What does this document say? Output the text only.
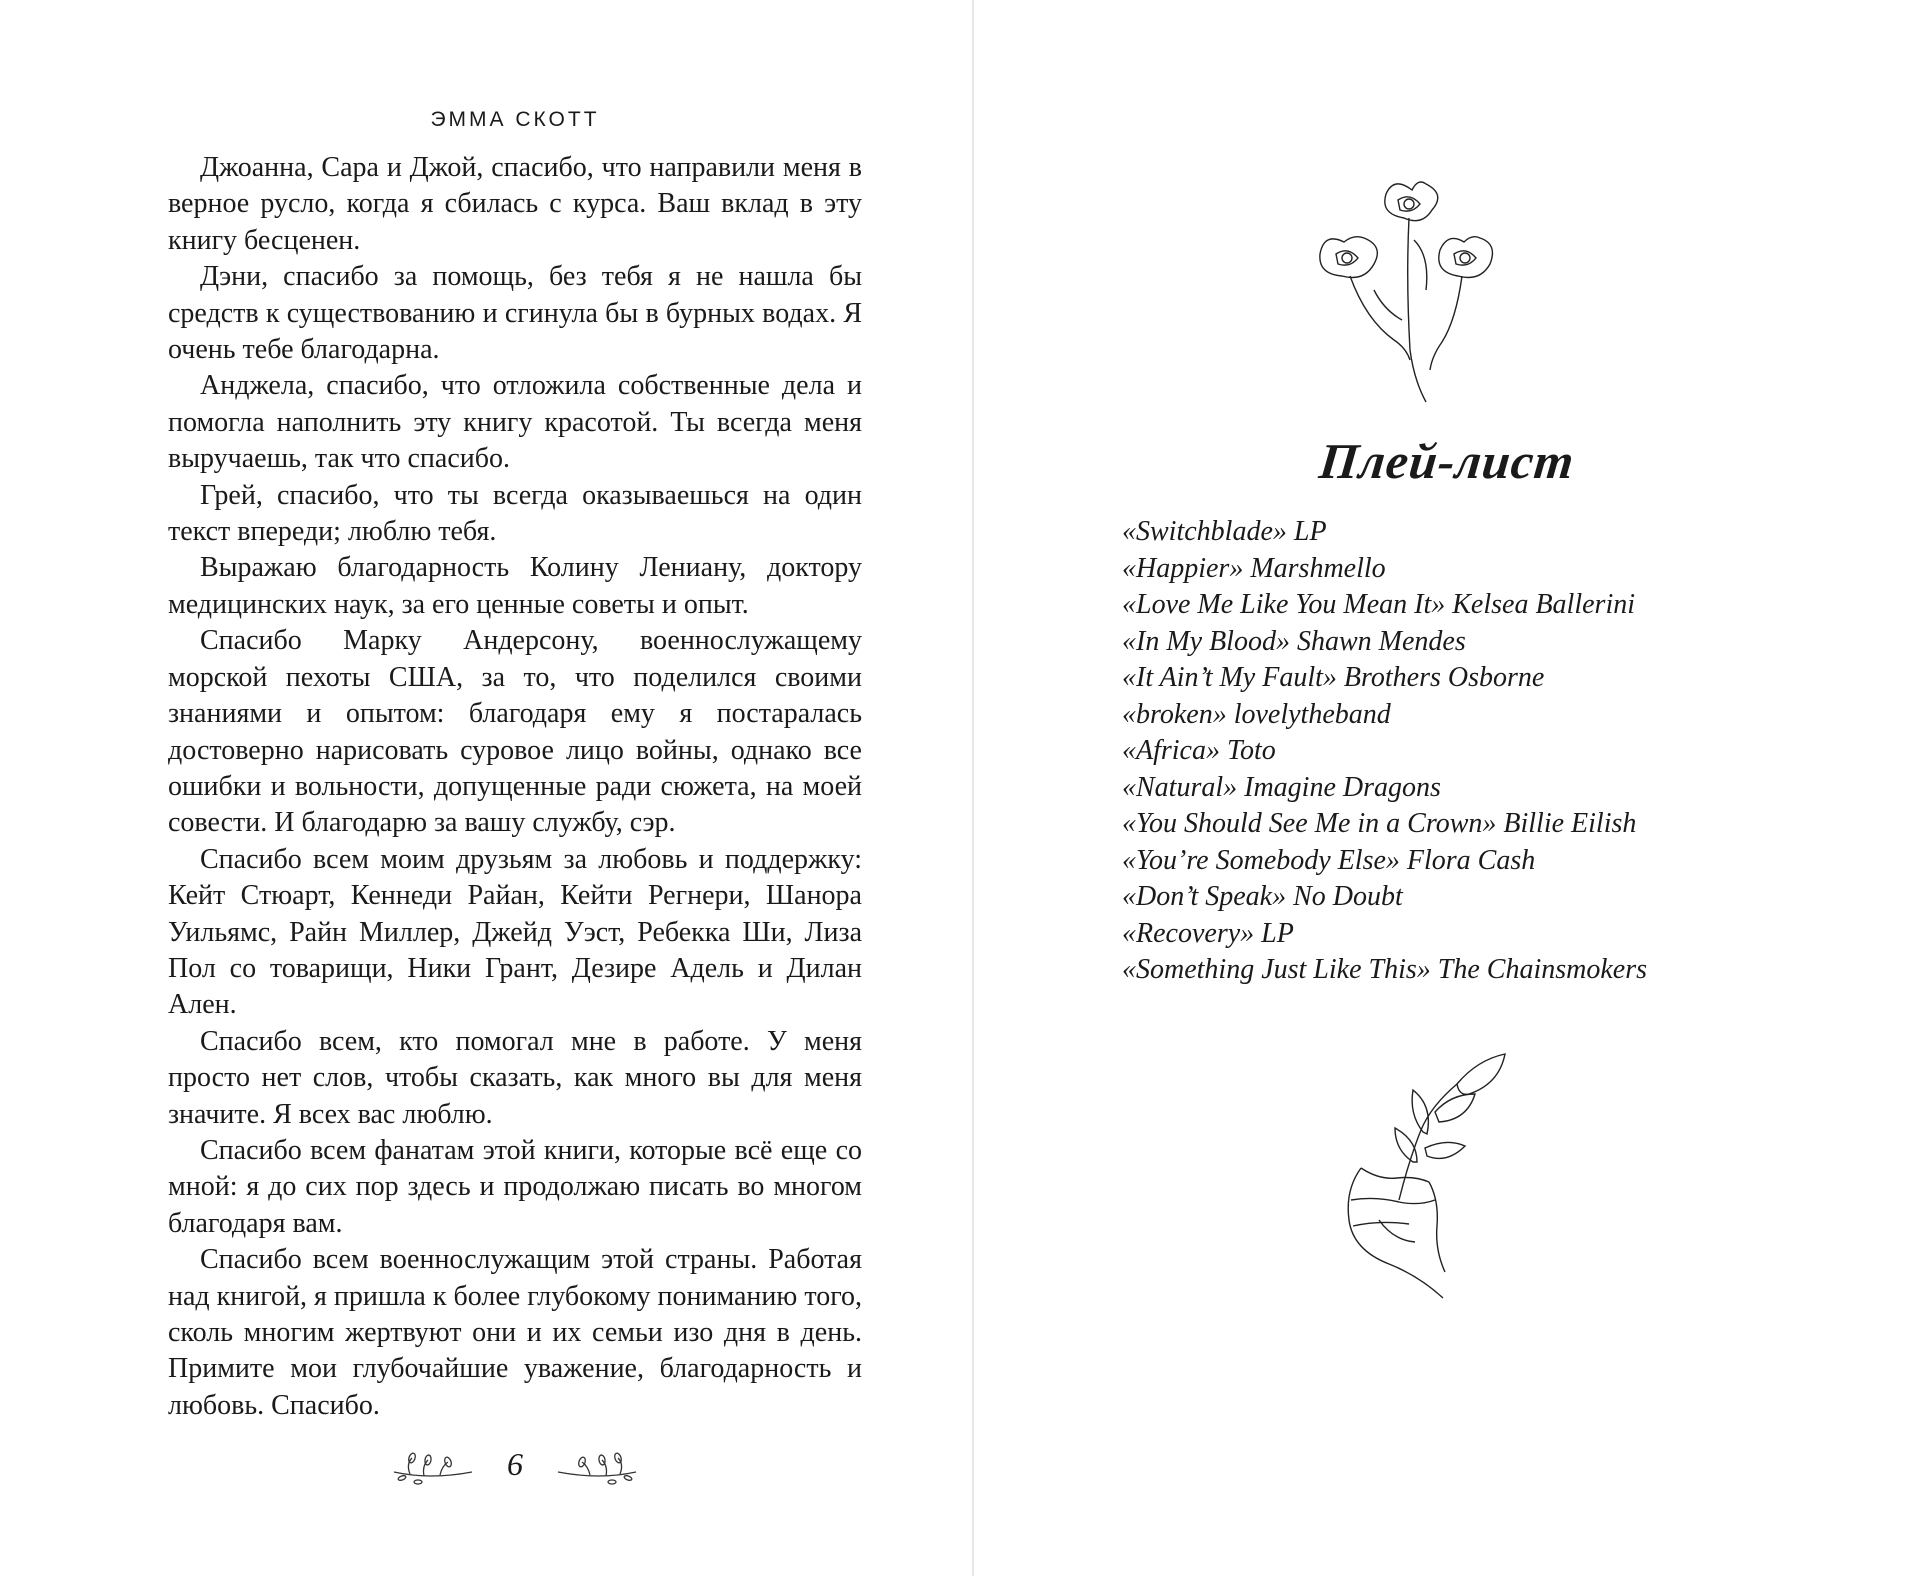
ЭММА СКОТТ

Джоанна, Сара и Джой, спасибо, что направили меня в верное русло, когда я сбилась с курса. Ваш вклад в эту книгу бесценен.

Дэни, спасибо за помощь, без тебя я не нашла бы средств к существованию и сгинула бы в бурных водах. Я очень тебе благодарна.

Анджела, спасибо, что отложила собственные дела и помогла наполнить эту книгу красотой. Ты всегда меня выручаешь, так что спасибо.

Грей, спасибо, что ты всегда оказываешься на один текст впереди; люблю тебя.

Выражаю благодарность Колину Лениану, доктору медицинских наук, за его ценные советы и опыт.

Спасибо Марку Андерсону, военнослужащему морской пехоты США, за то, что поделился своими знаниями и опытом: благодаря ему я постаралась достоверно нарисовать суровое лицо войны, однако все ошибки и вольности, допущенные ради сюжета, на моей совести. И благодарю за вашу службу, сэр.

Спасибо всем моим друзьям за любовь и поддержку: Кейт Стюарт, Кеннеди Райан, Кейти Регнери, Шанора Уильямс, Райн Миллер, Джейд Уэст, Ребекка Ши, Лиза Пол со товарищи, Ники Грант, Дезире Адель и Дилан Ален.

Спасибо всем, кто помогал мне в работе. У меня просто нет слов, чтобы сказать, как много вы для меня значите. Я всех вас люблю.

Спасибо всем фанатам этой книги, которые всё еще со мной: я до сих пор здесь и продолжаю писать во многом благодаря вам.

Спасибо всем военнослужащим этой страны. Работая над книгой, я пришла к более глубокому пониманию того, сколь многим жертвуют они и их семьи изо дня в день. Примите мои глубочайшие уважение, благодарность и любовь. Спасибо.

6
Плей-лист
«Switchblade» LP
«Happier» Marshmello
«Love Me Like You Mean It» Kelsea Ballerini
«In My Blood» Shawn Mendes
«It Ain’t My Fault» Brothers Osborne
«broken» lovelytheband
«Africa» Toto
«Natural» Imagine Dragons
«You Should See Me in a Crown» Billie Eilish
«You’re Somebody Else» Flora Cash
«Don’t Speak» No Doubt
«Recovery» LP
«Something Just Like This» The Chainsmokers
